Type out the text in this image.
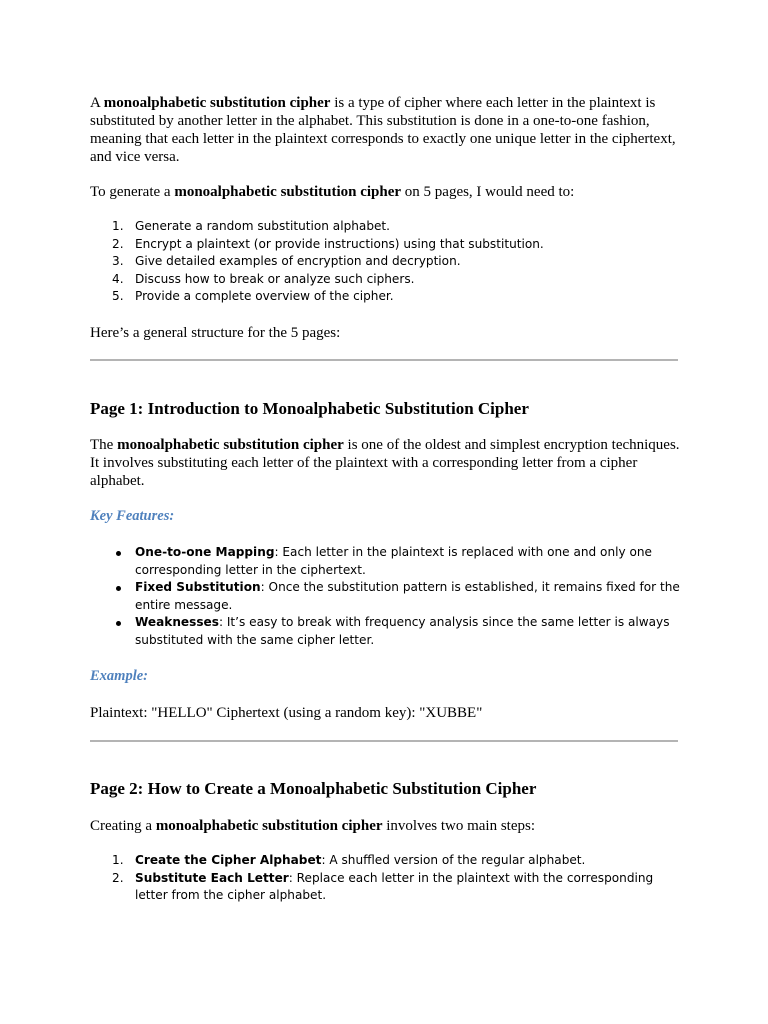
A monoalphabetic substitution cipher is a type of cipher where each letter in the plaintext is substituted by another letter in the alphabet. This substitution is done in a one-to-one fashion, meaning that each letter in the plaintext corresponds to exactly one unique letter in the ciphertext, and vice versa.

To generate a monoalphabetic substitution cipher on 5 pages, I would need to:

1. Generate a random substitution alphabet.
2. Encrypt a plaintext (or provide instructions) using that substitution.
3. Give detailed examples of encryption and decryption.
4. Discuss how to break or analyze such ciphers.
5. Provide a complete overview of the cipher.

Here’s a general structure for the 5 pages:

Page 1: Introduction to Monoalphabetic Substitution Cipher

The monoalphabetic substitution cipher is one of the oldest and simplest encryption techniques. It involves substituting each letter of the plaintext with a corresponding letter from a cipher alphabet.

Key Features:

One-to-one Mapping: Each letter in the plaintext is replaced with one and only one corresponding letter in the ciphertext.
Fixed Substitution: Once the substitution pattern is established, it remains fixed for the entire message.
Weaknesses: It’s easy to break with frequency analysis since the same letter is always substituted with the same cipher letter.

Example:

Plaintext: "HELLO" Ciphertext (using a random key): "XUBBE"

Page 2: How to Create a Monoalphabetic Substitution Cipher

Creating a monoalphabetic substitution cipher involves two main steps:

1. Create the Cipher Alphabet: A shuffled version of the regular alphabet.
2. Substitute Each Letter: Replace each letter in the plaintext with the corresponding letter from the cipher alphabet.
